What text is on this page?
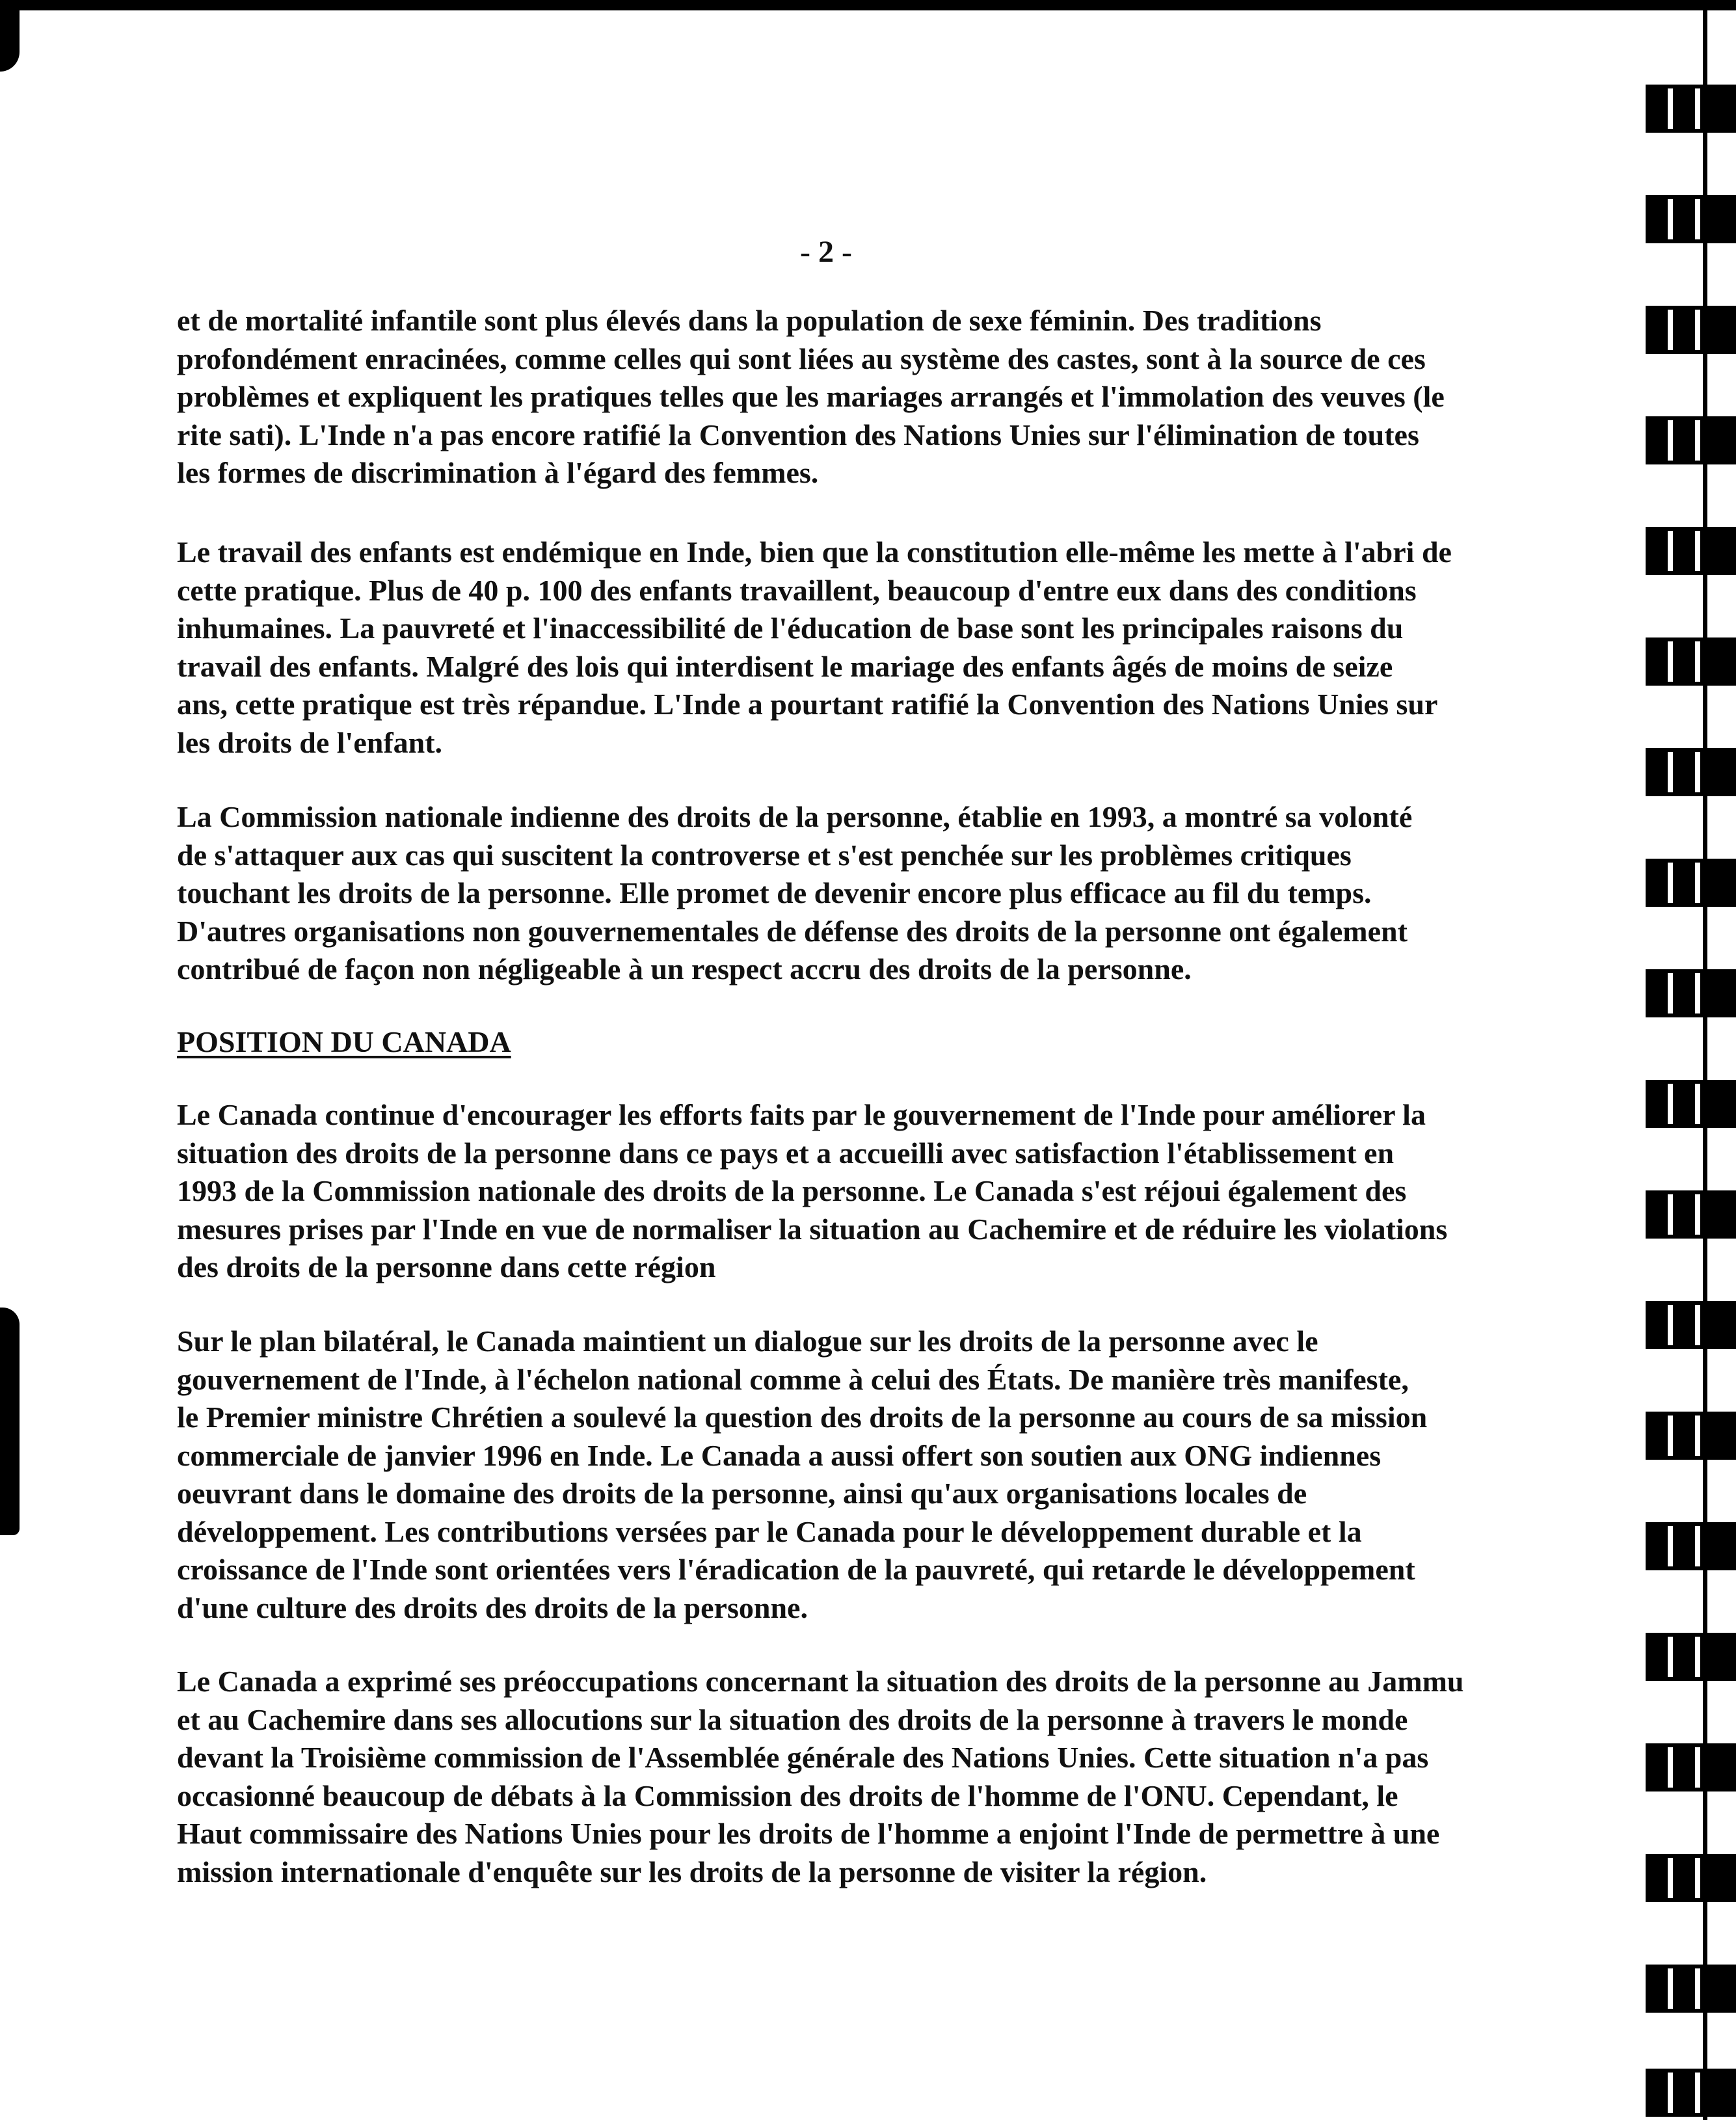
- 2 -

et de mortalité infantile sont plus élevés dans la population de sexe féminin. Des traditions
profondément enracinées, comme celles qui sont liées au système des castes, sont à la source de ces
problèmes et expliquent les pratiques telles que les mariages arrangés et l'immolation des veuves (le
rite sati). L'Inde n'a pas encore ratifié la Convention des Nations Unies sur l'élimination de toutes
les formes de discrimination à l'égard des femmes.

Le travail des enfants est endémique en Inde, bien que la constitution elle-même les mette à l'abri de
cette pratique. Plus de 40 p. 100 des enfants travaillent, beaucoup d'entre eux dans des conditions
inhumaines. La pauvreté et l'inaccessibilité de l'éducation de base sont les principales raisons du
travail des enfants. Malgré des lois qui interdisent le mariage des enfants âgés de moins de seize
ans, cette pratique est très répandue. L'Inde a pourtant ratifié la Convention des Nations Unies sur
les droits de l'enfant.

La Commission nationale indienne des droits de la personne, établie en 1993, a montré sa volonté
de s'attaquer aux cas qui suscitent la controverse et s'est penchée sur les problèmes critiques
touchant les droits de la personne. Elle promet de devenir encore plus efficace au fil du temps.
D'autres organisations non gouvernementales de défense des droits de la personne ont également
contribué de façon non négligeable à un respect accru des droits de la personne.

POSITION DU CANADA

Le Canada continue d'encourager les efforts faits par le gouvernement de l'Inde pour améliorer la
situation des droits de la personne dans ce pays et a accueilli avec satisfaction l'établissement en
1993 de la Commission nationale des droits de la personne. Le Canada s'est réjoui également des
mesures prises par l'Inde en vue de normaliser la situation au Cachemire et de réduire les violations
des droits de la personne dans cette région

Sur le plan bilatéral, le Canada maintient un dialogue sur les droits de la personne avec le
gouvernement de l'Inde, à l'échelon national comme à celui des États. De manière très manifeste,
le Premier ministre Chrétien a soulevé la question des droits de la personne au cours de sa mission
commerciale de janvier 1996 en Inde. Le Canada a aussi offert son soutien aux ONG indiennes
oeuvrant dans le domaine des droits de la personne, ainsi qu'aux organisations locales de
développement. Les contributions versées par le Canada pour le développement durable et la
croissance de l'Inde sont orientées vers l'éradication de la pauvreté, qui retarde le développement
d'une culture des droits des droits de la personne.

Le Canada a exprimé ses préoccupations concernant la situation des droits de la personne au Jammu
et au Cachemire dans ses allocutions sur la situation des droits de la personne à travers le monde
devant la Troisième commission de l'Assemblée générale des Nations Unies. Cette situation n'a pas
occasionné beaucoup de débats à la Commission des droits de l'homme de l'ONU. Cependant, le
Haut commissaire des Nations Unies pour les droits de l'homme a enjoint l'Inde de permettre à une
mission internationale d'enquête sur les droits de la personne de visiter la région.
